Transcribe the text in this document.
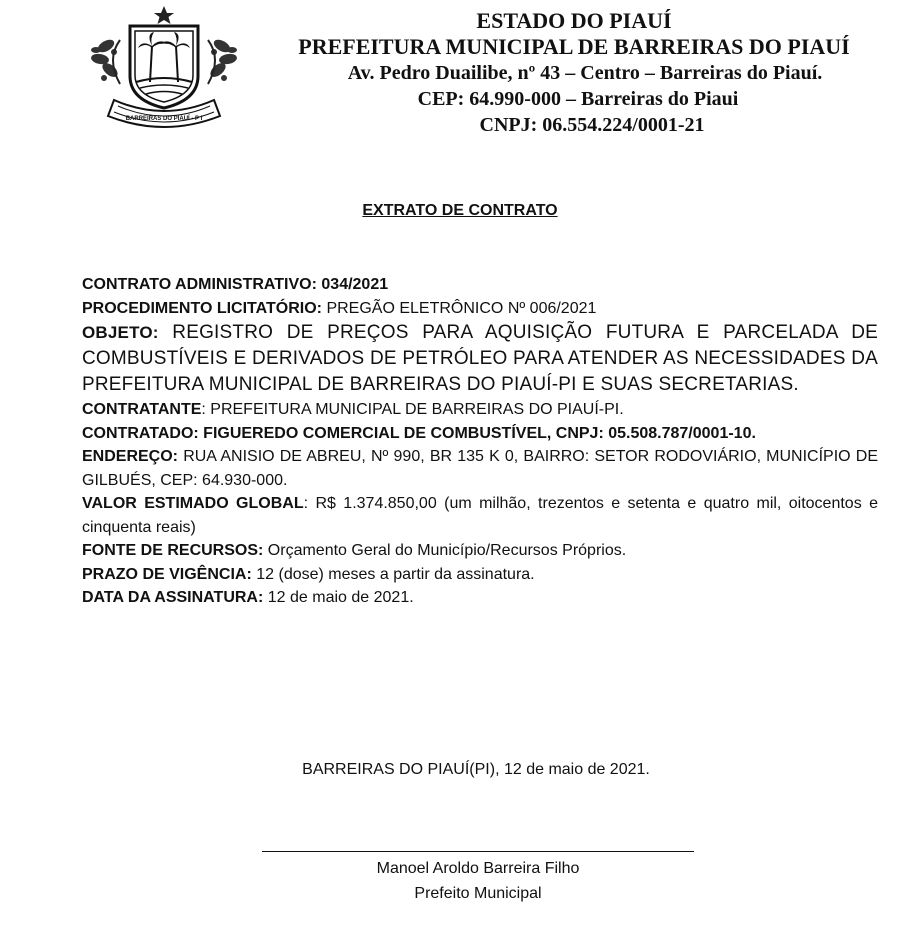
BARREIRAS DO PIAUÍ - P I
ESTADO DO PIAUÍ
PREFEITURA MUNICIPAL DE BARREIRAS DO PIAUÍ
Av. Pedro Duailibe, nº 43 – Centro – Barreiras do Piauí.
CEP: 64.990-000 – Barreiras do Piaui
CNPJ: 06.554.224/0001-21
EXTRATO DE CONTRATO

CONTRATO ADMINISTRATIVO: 034/2021

PROCEDIMENTO LICITATÓRIO: PREGÃO ELETRÔNICO Nº 006/2021

OBJETO: REGISTRO DE PREÇOS PARA AQUISIÇÃO FUTURA E PARCELADA DE COMBUSTÍVEIS E DERIVADOS DE PETRÓLEO PARA ATENDER AS NECESSIDADES DA PREFEITURA MUNICIPAL DE BARREIRAS DO PIAUÍ-PI E SUAS SECRETARIAS.

CONTRATANTE: PREFEITURA MUNICIPAL DE BARREIRAS DO PIAUÍ-PI.

CONTRATADO: FIGUEREDO COMERCIAL DE COMBUSTÍVEL, CNPJ: 05.508.787/0001-10.

ENDEREÇO: RUA ANISIO DE ABREU, Nº 990, BR 135 K 0, BAIRRO: SETOR RODOVIÁRIO, MUNICÍPIO DE GILBUÉS, CEP: 64.930-000.

VALOR ESTIMADO GLOBAL: R$ 1.374.850,00 (um milhão, trezentos e setenta e quatro mil, oitocentos e cinquenta reais)

FONTE DE RECURSOS: Orçamento Geral do Município/Recursos Próprios.

PRAZO DE VIGÊNCIA: 12 (dose) meses a partir da assinatura.

DATA DA ASSINATURA: 12 de maio de 2021.

BARREIRAS DO PIAUÍ(PI), 12 de maio de 2021.
Manoel Aroldo Barreira Filho
Prefeito Municipal
